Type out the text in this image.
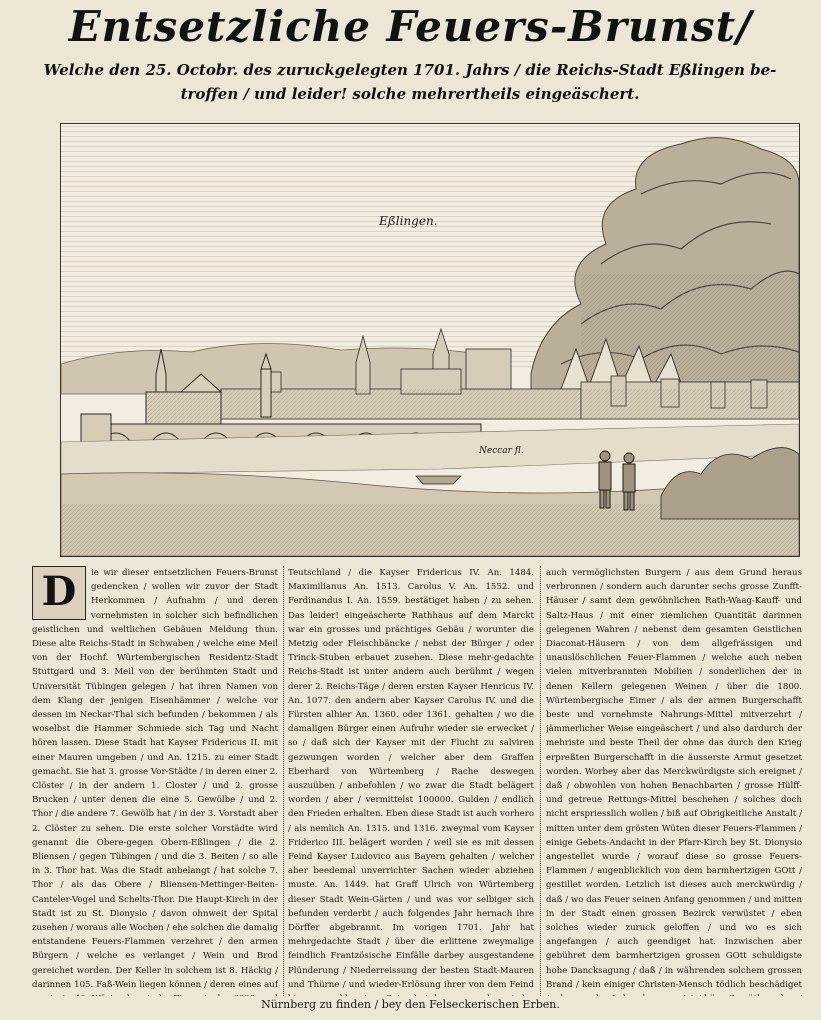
Entsetzliche Feuers-Brunst/
Welche den 25. Octobr. des zuruckgelegten 1701. Jahrs / die Reichs-Stadt Eßlingen be-
troffen / und leider! solche mehrertheils eingeäschert.
Eßlingen.
Neccar fl.
D	ie wir dieser entsetzlichen Feuers-Brunst gedencken / wollen wir zuvor der Stadt Herkommen / Aufnahm / und deren vornehmsten in solcher sich befindlichen geistlichen und weltlichen Gebäuen Meldung thun. Diese alte Reichs-Stadt in Schwaben / welche eine Meil von der Hochf. Würtembergischen Residentz-Stadt Stuttgard und 3. Meil von der berühmten Stadt und Universität Tübingen gelegen / hat ihren Namen von dem Klang der jenigen Eisenhämmer / welche vor dessen im Neckar-Thal sich befunden / bekommen / als woselbst die Hammer Schmiede sich Tag und Nacht hören lassen. Diese Stadt hat Kayser Fridericus II. mit einer Mauren umgeben / und An. 1215. zu einer Stadt gemacht. Sie hat 3. grosse Vor-Städte / in deren einer 2. Clöster / in der andern 1. Closter / und 2. grosse Brucken / unter denen die eine 5. Gewölbe / und 2. Thor / die andere 7. Gewölb hat / in der 3. Vorstadt aber 2. Clöster zu sehen. Die erste solcher Vorstädte wird genannt die Obere-gegen Obern-Eßlingen / die 2. Bliensen / gegen Tübingen / und die 3. Beiten / so alle in 3. Thor hat. Was die Stadt anbelangt / hat solche 7. Thor / als das Obere / Bliensen-Mettinger-Beiten-Canteler-Vogel und Schelts-Thor. Die Haupt-Kirch in der Stadt ist zu St. Dionysio / davon ohnweit der Spital zusehen / woraus alle Wochen / ehe solchen die damalig entstandene Feuers-Flammen verzehret / den armen Bürgern / welche es verlanget / Wein und Brod gereichet worden. Der Keller in solchem ist 8. Häckig / darinnen 105. Faß-Wein liegen können / deren eines auf

Teutschland / die Kayser Fridericus IV. An. 1484. Maximilianus An. 1513. Carolus V. An. 1552. und Ferdinandus I. An. 1559. bestätiget haben / zu sehen. Das leider! eingeäscherte Rathhaus auf dem Marckt war ein grosses und prächtiges Gebäu / worunter die Metzig oder Fleischbäncke / nebst der Bürger / oder Trinck-Stuben erbauet zusehen. Diese mehr-gedachte Reichs-Stadt ist unter andern auch berühmt / wegen derer 2. Reichs-Täge / deren ersten Kayser Henricus IV. An. 1077. den andern aber Kayser Carolus IV. und die Fürsten alhier An. 1360. oder 1361. gehalten / wo die damaligen Bürger einen Aufruhr wieder sie erwecket / so / daß sich der Kayser mit der Flucht zu salviren gezwungen worden / welcher aber dem Graffen Eberhard von Würtemberg / Rache deswegen auszuüben / anbefohlen / wo zwar die Stadt belägert worden / aber / vermittelst 100000. Gulden / endlich den Frieden erhalten. Eben diese Stadt ist auch vorhero / als nemlich An. 1315. und 1316. zweymal vom Kayser Friderico III. belägert worden / weil sie es mit dessen Feind Kayser Ludovico aus Bayern gehalten / welcher aber beedemal unverrichter Sachen wieder abziehen muste. An. 1449. hat Graff Ulrich von Würtemberg dieser Stadt Wein-Gärten / und was vor selbiger sich befunden verderbt / auch folgendes Jahr hernach ihre Dörffer abgebrannt. Im vorigen 1701. Jahr hat mehrgedachte Stadt / über die erlittene zweymalige feindlich Frantzösische Einfälle darbey ausgestandene Plünderung / Niederreissung der besten Stadt-Mauren und Thürne / und wieder-Erlösung ihrer von dem Feind

auch vermöglichsten Burgern / aus dem Grund heraus verbronnen / sondern auch darunter sechs grosse Zunfft-Häuser / samt dem gewöhnlichen Rath-Waag-Kauff- und Saltz-Haus / mit einer ziemlichen Quantität darinnen gelegenen Wahren / nebenst dem gesamten Geistlichen Diaconat-Häusern / von dem allgefrässigen und unauslöschlichen Feuer-Flammen / welche auch neben vielen mitverbrannten Mobilien / sonderlichen der in denen Kellern gelegenen Weinen / über die 1800. Würtembergische Eimer / als der armen Burgerschafft beste und vornehmste Nahrungs-Mittel mitverzehrt / jämmerlicher Weise eingeäschert / und also dardurch der mehriste und beste Theil der ohne das durch den Krieg erpreßten Burgerschafft in die äusserste Armut gesetzet worden. Worbey aber das Merckwürdigste sich ereignet / daß / obwohlen von hohen Benachbarten / grosse Hülff- und getreue Rettungs-Mittel beschehen / solches doch nicht erspriesslich wollen / biß auf Obrigkeitliche Anstalt / mitten unter dem grösten Wüten dieser Feuers-Flammen / einige Gebets-Andacht in der Pfarr-Kirch bey St. Dionysio angestellet wurde / worauf diese so grosse Feuers-Flammen / augenblicklich von dem barmhertzigen GOtt / gestillet worden. Letzlich ist dieses auch merckwürdig / daß / wo das Feuer seinen Anfang genommen / und mitten in der Stadt einen grossen Bezirck verwüstet / eben solches wieder zuruck geloffen / und wo es sich angefangen / auch geendiget hat. Inzwischen aber gebühret dem barmhertzigen grossen GOtt schuldigste hohe Dancksagung / daß / in währenden solchem grossen Brand / kein einiger Christen-Mensch tödlich beschädiget

Nürnberg zu finden / bey den Felseckerischen Erben.
